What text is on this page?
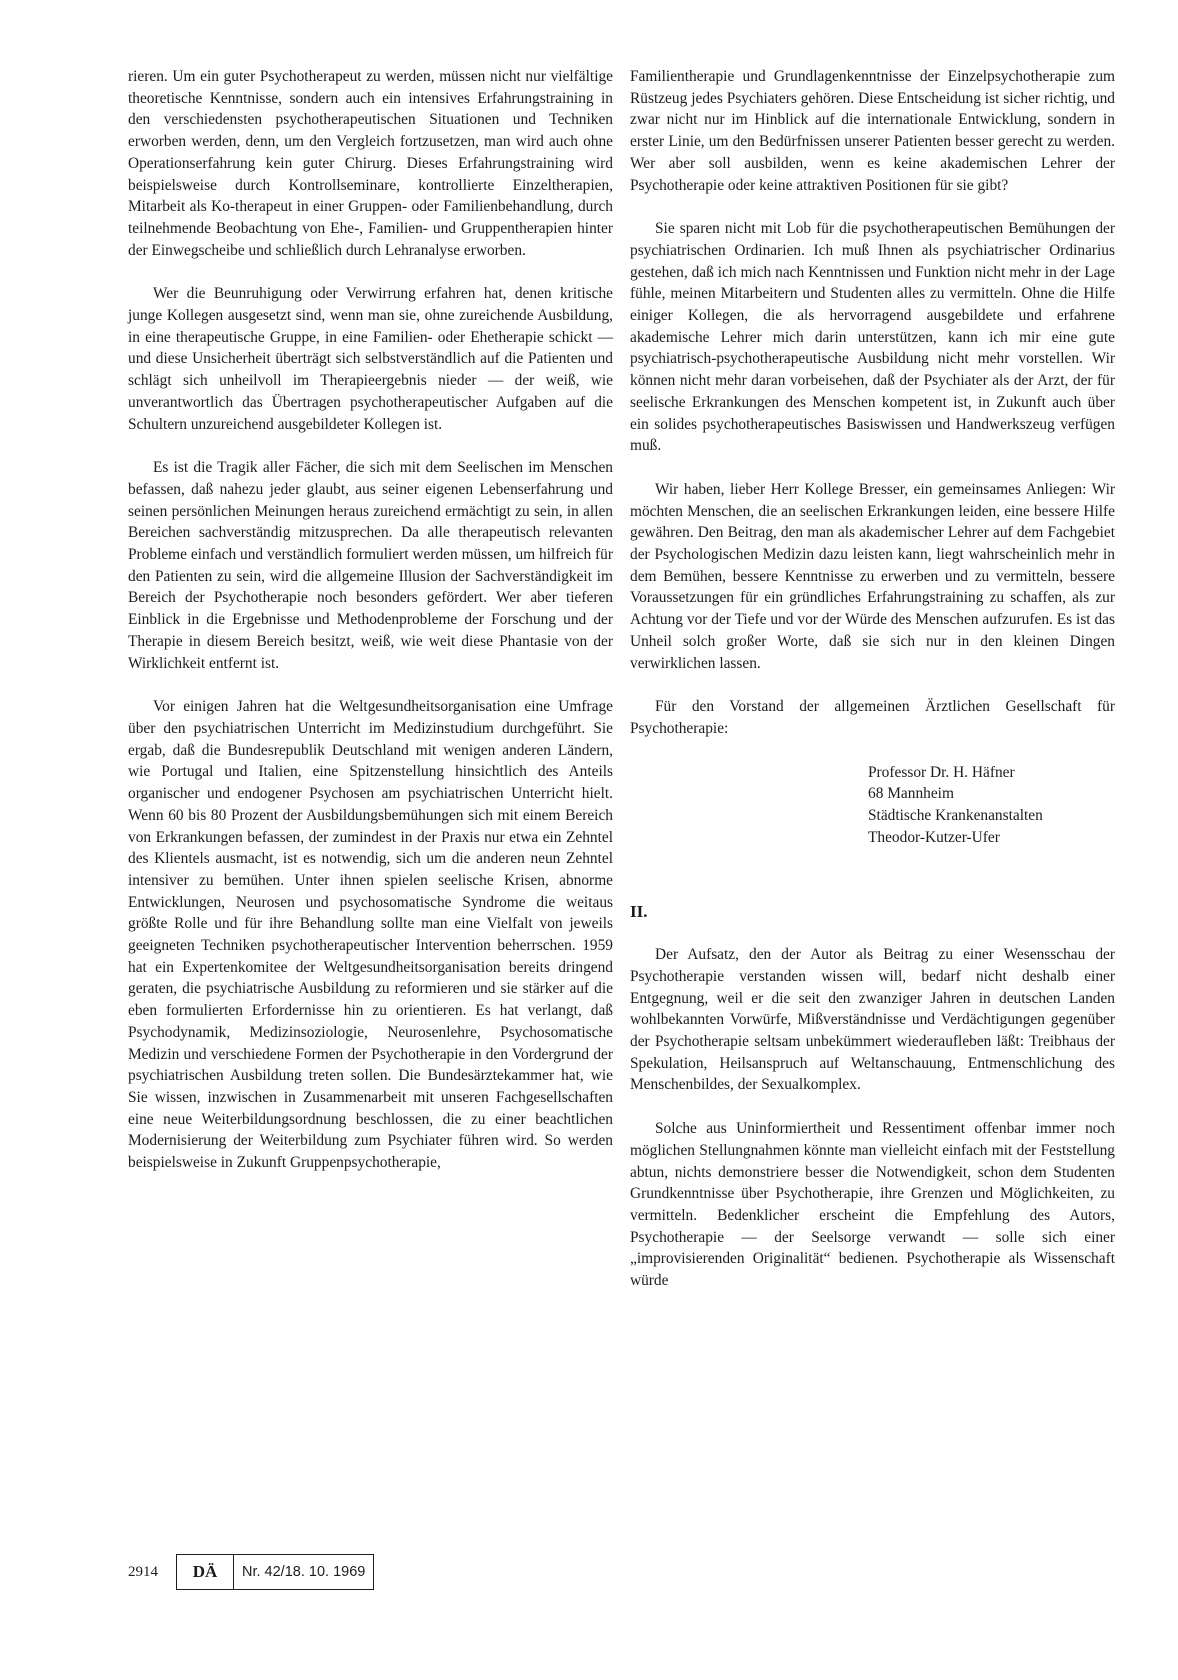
rieren. Um ein guter Psychotherapeut zu werden, müssen nicht nur vielfältige theoretische Kenntnisse, sondern auch ein intensives Erfahrungstraining in den verschiedensten psychotherapeutischen Situationen und Techniken erworben werden, denn, um den Vergleich fortzusetzen, man wird auch ohne Operationserfahrung kein guter Chirurg. Dieses Erfahrungstraining wird beispielsweise durch Kontrollseminare, kontrollierte Einzeltherapien, Mitarbeit als Ko-therapeut in einer Gruppen- oder Familienbehandlung, durch teilnehmende Beobachtung von Ehe-, Familien- und Gruppentherapien hinter der Einwegscheibe und schließlich durch Lehranalyse erworben.

Wer die Beunruhigung oder Verwirrung erfahren hat, denen kritische junge Kollegen ausgesetzt sind, wenn man sie, ohne zureichende Ausbildung, in eine therapeutische Gruppe, in eine Familien- oder Ehetherapie schickt — und diese Unsicherheit überträgt sich selbstverständlich auf die Patienten und schlägt sich unheilvoll im Therapieergebnis nieder — der weiß, wie unverantwortlich das Übertragen psychotherapeutischer Aufgaben auf die Schultern unzureichend ausgebildeter Kollegen ist.

Es ist die Tragik aller Fächer, die sich mit dem Seelischen im Menschen befassen, daß nahezu jeder glaubt, aus seiner eigenen Lebenserfahrung und seinen persönlichen Meinungen heraus zureichend ermächtigt zu sein, in allen Bereichen sachverständig mitzusprechen. Da alle therapeutisch relevanten Probleme einfach und verständlich formuliert werden müssen, um hilfreich für den Patienten zu sein, wird die allgemeine Illusion der Sachverständigkeit im Bereich der Psychotherapie noch besonders gefördert. Wer aber tieferen Einblick in die Ergebnisse und Methodenprobleme der Forschung und der Therapie in diesem Bereich besitzt, weiß, wie weit diese Phantasie von der Wirklichkeit entfernt ist.

Vor einigen Jahren hat die Weltgesundheitsorganisation eine Umfrage über den psychiatrischen Unterricht im Medizinstudium durchgeführt. Sie ergab, daß die Bundesrepublik Deutschland mit wenigen anderen Ländern, wie Portugal und Italien, eine Spitzenstellung hinsichtlich des Anteils organischer und endogener Psychosen am psychiatrischen Unterricht hielt. Wenn 60 bis 80 Prozent der Ausbildungsbemühungen sich mit einem Bereich von Erkrankungen befassen, der zumindest in der Praxis nur etwa ein Zehntel des Klientels ausmacht, ist es notwendig, sich um die anderen neun Zehntel intensiver zu bemühen. Unter ihnen spielen seelische Krisen, abnorme Entwicklungen, Neurosen und psychosomatische Syndrome die weitaus größte Rolle und für ihre Behandlung sollte man eine Vielfalt von jeweils geeigneten Techniken psychotherapeutischer Intervention beherrschen. 1959 hat ein Expertenkomitee der Weltgesundheitsorganisation bereits dringend geraten, die psychiatrische Ausbildung zu reformieren und sie stärker auf die eben formulierten Erfordernisse hin zu orientieren. Es hat verlangt, daß Psychodynamik, Medizinsoziologie, Neurosenlehre, Psychosomatische Medizin und verschiedene Formen der Psychotherapie in den Vordergrund der psychiatrischen Ausbildung treten sollen. Die Bundesärztekammer hat, wie Sie wissen, inzwischen in Zusammenarbeit mit unseren Fachgesellschaften eine neue Weiterbildungsordnung beschlossen, die zu einer beachtlichen Modernisierung der Weiterbildung zum Psychiater führen wird. So werden beispielsweise in Zukunft Gruppenpsychotherapie,

Familientherapie und Grundlagenkenntnisse der Einzelpsychotherapie zum Rüstzeug jedes Psychiaters gehören. Diese Entscheidung ist sicher richtig, und zwar nicht nur im Hinblick auf die internationale Entwicklung, sondern in erster Linie, um den Bedürfnissen unserer Patienten besser gerecht zu werden. Wer aber soll ausbilden, wenn es keine akademischen Lehrer der Psychotherapie oder keine attraktiven Positionen für sie gibt?

Sie sparen nicht mit Lob für die psychotherapeutischen Bemühungen der psychiatrischen Ordinarien. Ich muß Ihnen als psychiatrischer Ordinarius gestehen, daß ich mich nach Kenntnissen und Funktion nicht mehr in der Lage fühle, meinen Mitarbeitern und Studenten alles zu vermitteln. Ohne die Hilfe einiger Kollegen, die als hervorragend ausgebildete und erfahrene akademische Lehrer mich darin unterstützen, kann ich mir eine gute psychiatrisch-psychotherapeutische Ausbildung nicht mehr vorstellen. Wir können nicht mehr daran vorbeisehen, daß der Psychiater als der Arzt, der für seelische Erkrankungen des Menschen kompetent ist, in Zukunft auch über ein solides psychotherapeutisches Basiswissen und Handwerkszeug verfügen muß.

Wir haben, lieber Herr Kollege Bresser, ein gemeinsames Anliegen: Wir möchten Menschen, die an seelischen Erkrankungen leiden, eine bessere Hilfe gewähren. Den Beitrag, den man als akademischer Lehrer auf dem Fachgebiet der Psychologischen Medizin dazu leisten kann, liegt wahrscheinlich mehr in dem Bemühen, bessere Kenntnisse zu erwerben und zu vermitteln, bessere Voraussetzungen für ein gründliches Erfahrungstraining zu schaffen, als zur Achtung vor der Tiefe und vor der Würde des Menschen aufzurufen. Es ist das Unheil solch großer Worte, daß sie sich nur in den kleinen Dingen verwirklichen lassen.

Für den Vorstand der allgemeinen Ärztlichen Gesellschaft für Psychotherapie:

Professor Dr. H. Häfner
68 Mannheim
Städtische Krankenanstalten
Theodor-Kutzer-Ufer
II.

Der Aufsatz, den der Autor als Beitrag zu einer Wesensschau der Psychotherapie verstanden wissen will, bedarf nicht deshalb einer Entgegnung, weil er die seit den zwanziger Jahren in deutschen Landen wohlbekannten Vorwürfe, Mißverständnisse und Verdächtigungen gegenüber der Psychotherapie seltsam unbekümmert wiederaufleben läßt: Treibhaus der Spekulation, Heilsanspruch auf Weltanschauung, Entmenschlichung des Menschenbildes, der Sexualkomplex.

Solche aus Uninformiertheit und Ressentiment offenbar immer noch möglichen Stellungnahmen könnte man vielleicht einfach mit der Feststellung abtun, nichts demonstriere besser die Notwendigkeit, schon dem Studenten Grundkenntnisse über Psychotherapie, ihre Grenzen und Möglichkeiten, zu vermitteln. Bedenklicher erscheint die Empfehlung des Autors, Psychotherapie — der Seelsorge verwandt — solle sich einer „improvisierenden Originalität“ bedienen. Psychotherapie als Wissenschaft würde

2914	DÄ	Nr. 42/18. 10. 1969
